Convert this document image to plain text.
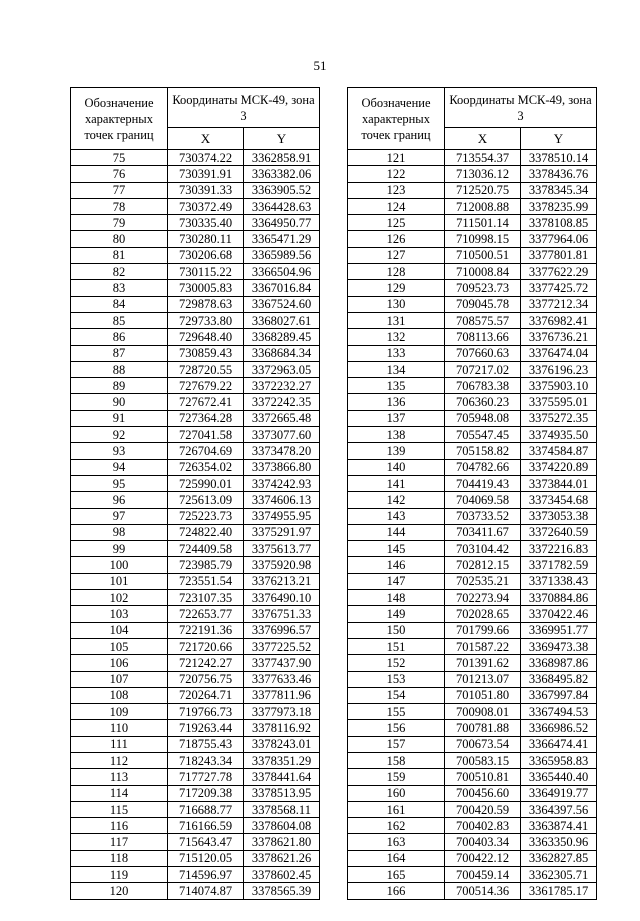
51
Обозначение характерных точек границ	Координаты МСК-49, зона 3	
	X	Y
75	730374.22	3362858.91
76	730391.91	3363382.06
77	730391.33	3363905.52
78	730372.49	3364428.63
79	730335.40	3364950.77
80	730280.11	3365471.29
81	730206.68	3365989.56
82	730115.22	3366504.96
83	730005.83	3367016.84
84	729878.63	3367524.60
85	729733.80	3368027.61
86	729648.40	3368289.45
87	730859.43	3368684.34
88	728720.55	3372963.05
89	727679.22	3372232.27
90	727672.41	3372242.35
91	727364.28	3372665.48
92	727041.58	3373077.60
93	726704.69	3373478.20
94	726354.02	3373866.80
95	725990.01	3374242.93
96	725613.09	3374606.13
97	725223.73	3374955.95
98	724822.40	3375291.97
99	724409.58	3375613.77
100	723985.79	3375920.98
101	723551.54	3376213.21
102	723107.35	3376490.10
103	722653.77	3376751.33
104	722191.36	3376996.57
105	721720.66	3377225.52
106	721242.27	3377437.90
107	720756.75	3377633.46
108	720264.71	3377811.96
109	719766.73	3377973.18
110	719263.44	3378116.92
111	718755.43	3378243.01
112	718243.34	3378351.29
113	717727.78	3378441.64
114	717209.38	3378513.95
115	716688.77	3378568.11
116	716166.59	3378604.08
117	715643.47	3378621.80
118	715120.05	3378621.26
119	714596.97	3378602.45
120	714074.87	3378565.39
Обозначение характерных точек границ	Координаты МСК-49, зона 3	
	X	Y
121	713554.37	3378510.14
122	713036.12	3378436.76
123	712520.75	3378345.34
124	712008.88	3378235.99
125	711501.14	3378108.85
126	710998.15	3377964.06
127	710500.51	3377801.81
128	710008.84	3377622.29
129	709523.73	3377425.72
130	709045.78	3377212.34
131	708575.57	3376982.41
132	708113.66	3376736.21
133	707660.63	3376474.04
134	707217.02	3376196.23
135	706783.38	3375903.10
136	706360.23	3375595.01
137	705948.08	3375272.35
138	705547.45	3374935.50
139	705158.82	3374584.87
140	704782.66	3374220.89
141	704419.43	3373844.01
142	704069.58	3373454.68
143	703733.52	3373053.38
144	703411.67	3372640.59
145	703104.42	3372216.83
146	702812.15	3371782.59
147	702535.21	3371338.43
148	702273.94	3370884.86
149	702028.65	3370422.46
150	701799.66	3369951.77
151	701587.22	3369473.38
152	701391.62	3368987.86
153	701213.07	3368495.82
154	701051.80	3367997.84
155	700908.01	3367494.53
156	700781.88	3366986.52
157	700673.54	3366474.41
158	700583.15	3365958.83
159	700510.81	3365440.40
160	700456.60	3364919.77
161	700420.59	3364397.56
162	700402.83	3363874.41
163	700403.34	3363350.96
164	700422.12	3362827.85
165	700459.14	3362305.71
166	700514.36	3361785.17
